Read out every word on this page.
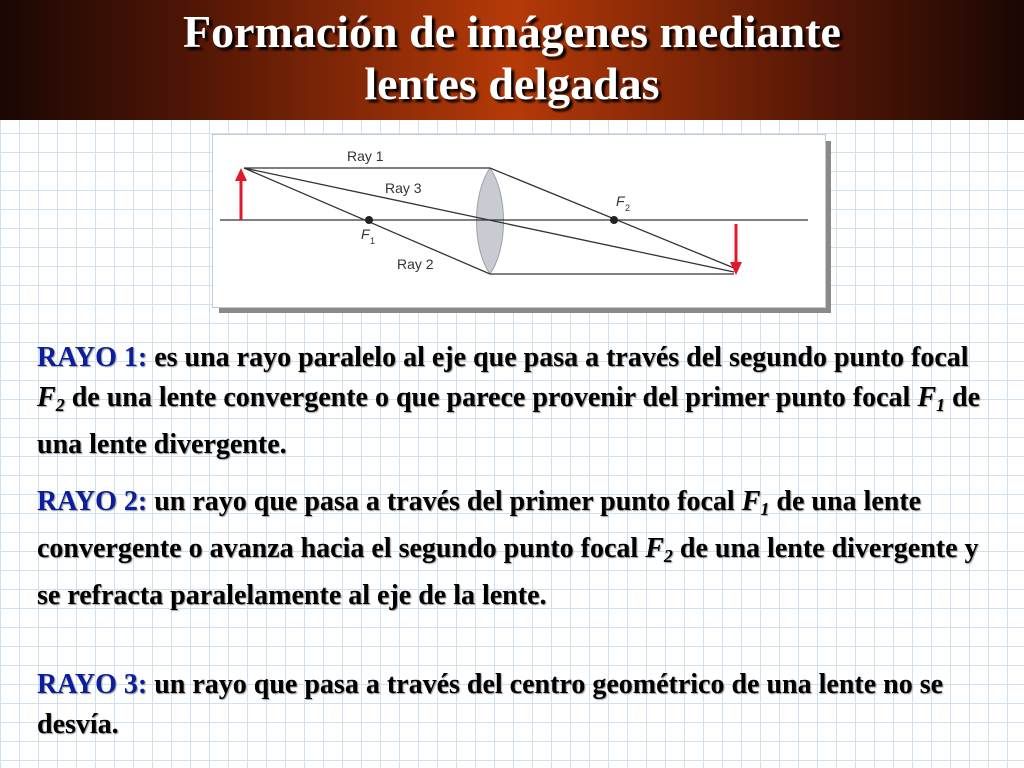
Formación de imágenes mediante
lentes delgadas
Ray 1
Ray 3
Ray 2
F 1
F 2

RAYO 1: es una rayo paralelo al eje que pasa a través del segundo punto focal $F_2$ de una lente convergente o que parece provenir del primer punto focal $F_1$ de una lente divergente.

RAYO 2: un rayo que pasa a través del primer punto focal $F_1$ de una lente convergente o avanza hacia el segundo punto focal $F_2$ de una lente divergente y se refracta paralelamente al eje de la lente.

RAYO 3: un rayo que pasa a través del centro geométrico de una lente no se desvía.
